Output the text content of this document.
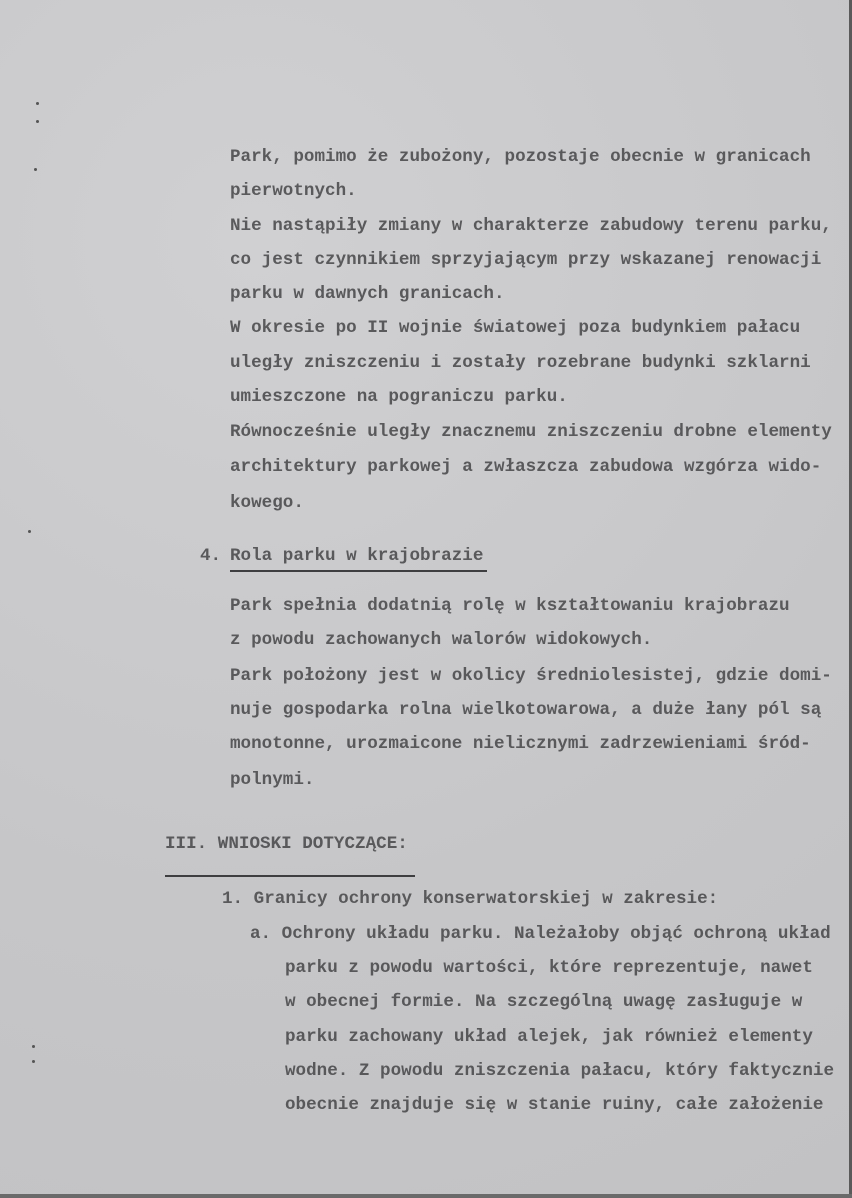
Park, pomimo że zubożony, pozostaje obecnie w granicach
pierwotnych.
Nie nastąpiły zmiany w charakterze zabudowy terenu parku,
co jest czynnikiem sprzyjającym przy wskazanej renowacji
parku w dawnych granicach.
W okresie po II wojnie światowej poza budynkiem pałacu
uległy zniszczeniu i zostały rozebrane budynki szklarni
umieszczone na pograniczu parku.
Równocześnie uległy znacznemu zniszczeniu drobne elementy
architektury parkowej a zwłaszcza zabudowa wzgórza wido-
kowego.
4. Rola parku w krajobrazie
Park spełnia dodatnią rolę w kształtowaniu krajobrazu
z powodu zachowanych walorów widokowych.
Park położony jest w okolicy średniolesistej, gdzie domi-
nuje gospodarka rolna wielkotowarowa, a duże łany pól są
monotonne, urozmaicone nielicznymi zadrzewieniami śród-
polnymi.
III. WNIOSKI DOTYCZĄCE:
1. Granicy ochrony konserwatorskiej w zakresie:
a. Ochrony układu parku. Należałoby objąć ochroną układ
parku z powodu wartości, które reprezentuje, nawet
w obecnej formie. Na szczególną uwagę zasługuje w
parku zachowany układ alejek, jak również elementy
wodne. Z powodu zniszczenia pałacu, który faktycznie
obecnie znajduje się w stanie ruiny, całe założenie
